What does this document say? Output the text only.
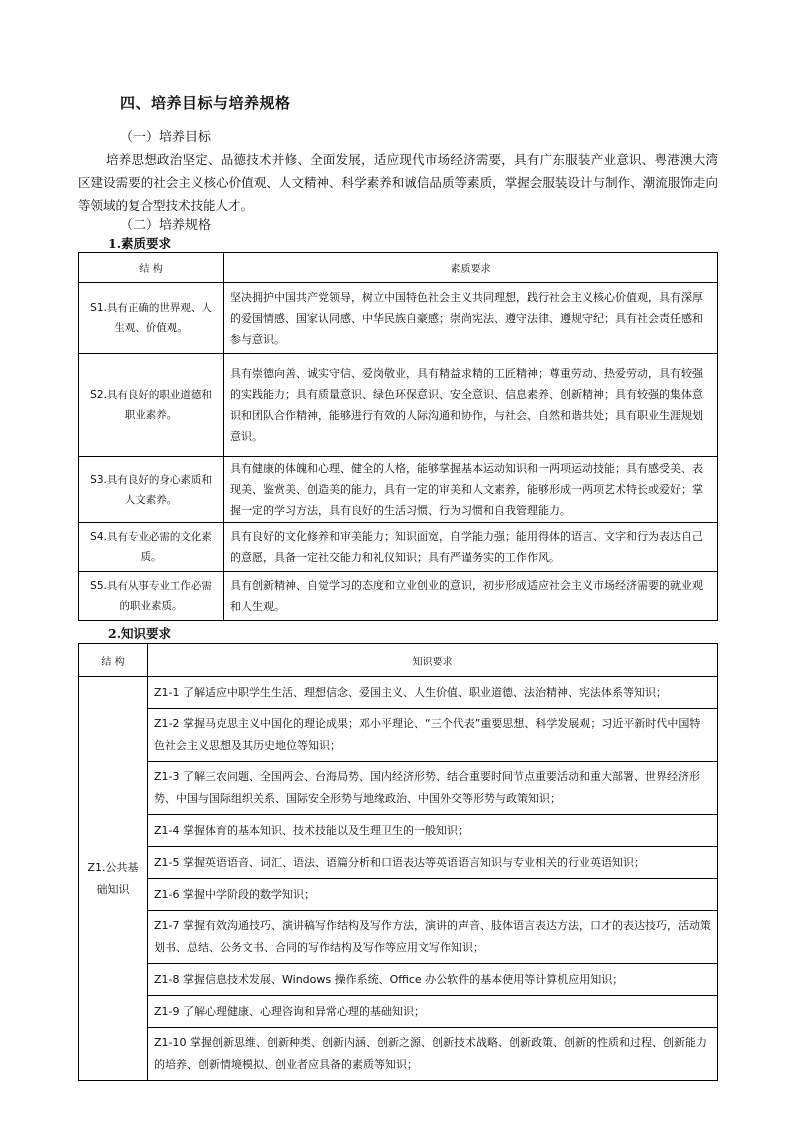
四、培养目标与培养规格
（一）培养目标
培养思想政治坚定、品德技术并修、全面发展，适应现代市场经济需要，具有广东服装产业意识、粤港澳大湾区建设需要的社会主义核心价值观、人文精神、科学素养和诚信品质等素质，掌握会服装设计与制作、潮流服饰走向等领域的复合型技术技能人才。
（二）培养规格
1.素质要求
结 构	素质要求
S1.具有正确的世界观、人生观、价值观。	坚决拥护中国共产党领导，树立中国特色社会主义共同理想，践行社会主义核心价值观，具有深厚的爱国情感、国家认同感、中华民族自豪感；崇尚宪法、遵守法律、遵规守纪；具有社会责任感和参与意识。
S2.具有良好的职业道德和职业素养。	具有崇德向善、诚实守信、爱岗敬业，具有精益求精的工匠精神；尊重劳动、热爱劳动，具有较强的实践能力；具有质量意识、绿色环保意识、安全意识、信息素养、创新精神；具有较强的集体意识和团队合作精神，能够进行有效的人际沟通和协作，与社会、自然和谐共处；具有职业生涯规划意识。
S3.具有良好的身心素质和人文素养。	具有健康的体魄和心理、健全的人格，能够掌握基本运动知识和一两项运动技能；具有感受美、表现美、鉴赏美、创造美的能力，具有一定的审美和人文素养，能够形成一两项艺术特长或爱好；掌握一定的学习方法，具有良好的生活习惯、行为习惯和自我管理能力。
S4.具有专业必需的文化素质。	具有良好的文化修养和审美能力；知识面宽，自学能力强；能用得体的语言、文字和行为表达自己的意愿，具备一定社交能力和礼仪知识；具有严谨务实的工作作风。
S5.具有从事专业工作必需的职业素质。	具有创新精神、自觉学习的态度和立业创业的意识，初步形成适应社会主义市场经济需要的就业观和人生观。
2.知识要求
结 构	知识要求
Z1.公共基础知识	Z1-1 了解适应中职学生生活、理想信念、爱国主义、人生价值、职业道德、法治精神、宪法体系等知识；
	Z1-2 掌握马克思主义中国化的理论成果；邓小平理论、“三个代表”重要思想、科学发展观；习近平新时代中国特色社会主义思想及其历史地位等知识；
	Z1-3 了解三农问题、全国两会、台海局势、国内经济形势、结合重要时间节点重要活动和重大部署、世界经济形势、中国与国际组织关系、国际安全形势与地缘政治、中国外交等形势与政策知识；
	Z1-4 掌握体育的基本知识、技术技能以及生理卫生的一般知识；
	Z1-5 掌握英语语音、词汇、语法、语篇分析和口语表达等英语语言知识与专业相关的行业英语知识；
	Z1-6 掌握中学阶段的数学知识；
	Z1-7 掌握有效沟通技巧、演讲稿写作结构及写作方法，演讲的声音、肢体语言表达方法，口才的表达技巧，活动策划书、总结、公务文书、合同的写作结构及写作等应用文写作知识；
	Z1-8 掌握信息技术发展、Windows 操作系统、Office 办公软件的基本使用等计算机应用知识；
	Z1-9 了解心理健康、心理咨询和异常心理的基础知识；
	Z1-10 掌握创新思维、创新种类、创新内涵、创新之源、创新技术战略、创新政策、创新的性质和过程、创新能力的培养、创新情境模拟、创业者应具备的素质等知识；
